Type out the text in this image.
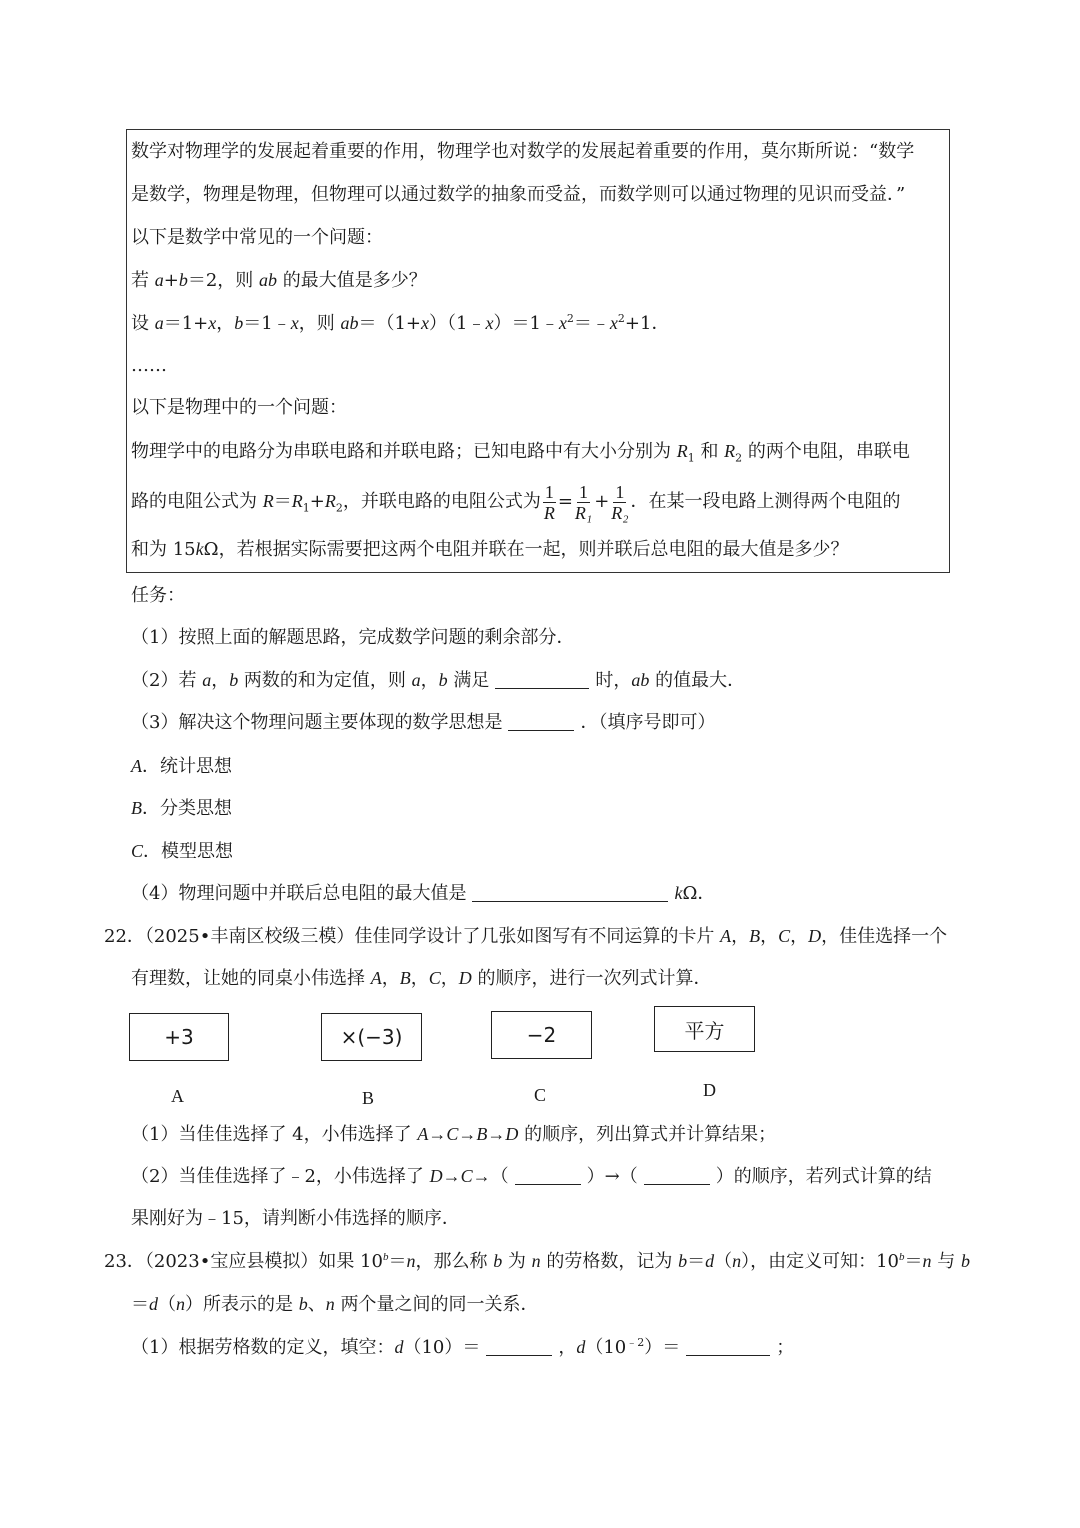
数学对物理学的发展起着重要的作用，物理学也对数学的发展起着重要的作用，莫尔斯所说：“数学
是数学，物理是物理，但物理可以通过数学的抽象而受益，而数学则可以通过物理的见识而受益．”
以下是数学中常见的一个问题：
若 a+b＝2，则 ab 的最大值是多少？
设 a＝1+x，b＝1﹣x，则 $ab=(1+x)(1﹣x)=1﹣x^2=﹣x^2+1$．
……
以下是物理中的一个问题：
物理学中的电路分为串联电路和并联电路；已知电路中有大小分别为 $R_1$ 和 $R_2$ 的两个电阻，串联电
路的电阻公式为 $R=R_1+R_2$，并联电路的电阻公式为 $\frac{1}{R} = \frac{1}{\text{R₁}} + \frac{1}{\text{R₂}}$ ．在某一段电路上测得两个电阻的
和为 15kΩ，若根据实际需要把这两个电阻并联在一起，则并联后总电阻的最大值是多少？
任务：
（1）按照上面的解题思路，完成数学问题的剩余部分．
（2）若 a，b 两数的和为定值，则 a，b 满足	时，ab 的值最大．
（3）解决这个物理问题主要体现的数学思想是	．（填序号即可）
A．统计思想
B．分类思想
C．模型思想
（4）物理问题中并联后总电阻的最大值是	kΩ．
22．（2025•丰南区校级三模）佳佳同学设计了几张如图写有不同运算的卡片 A，B，C，D，佳佳选择一个
有理数，让她的同桌小伟选择 A，B，C，D 的顺序，进行一次列式计算．
+3	×(−3)	−2	平方
A	B	C	D
（1）当佳佳选择了 4，小伟选择了 A→C→B→D 的顺序，列出算式并计算结果；
（2）当佳佳选择了﹣2，小伟选择了 D→C→（	）→（	）的顺序，若列式计算的结
果刚好为﹣15，请判断小伟选择的顺序．
23．（2023•宝应县模拟）如果 $10^b=n$，那么称 b 为 n 的劳格数，记为 b＝d（n），由定义可知：$10^b=n$ 与 b
＝d（n）所表示的是 b、n 两个量之间的同一关系．
（1）根据劳格数的定义，填空：d（10）＝	，$d(10^{﹣2})=$	；
